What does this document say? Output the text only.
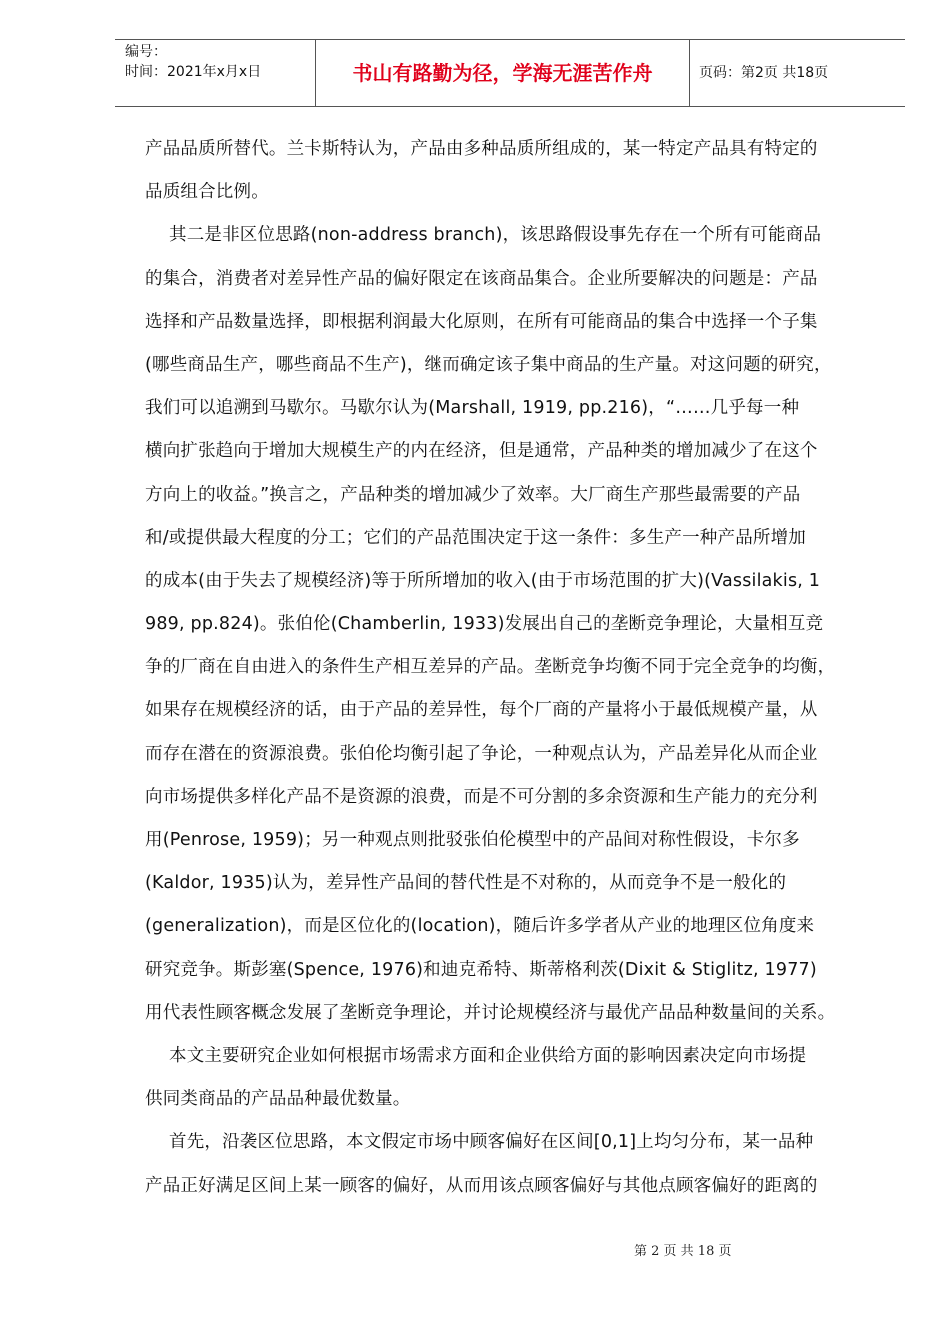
编号：
时间：2021年x月x日	书山有路勤为径，学海无涯苦作舟	页码：第2页 共18页
产品品质所替代。兰卡斯特认为，产品由多种品质所组成的，某一特定产品具有特定的
品质组合比例。
其二是非区位思路(non-address branch)，该思路假设事先存在一个所有可能商品
的集合，消费者对差异性产品的偏好限定在该商品集合。企业所要解决的问题是：产品
选择和产品数量选择，即根据利润最大化原则，在所有可能商品的集合中选择一个子集
(哪些商品生产，哪些商品不生产)，继而确定该子集中商品的生产量。对这问题的研究，
我们可以追溯到马歇尔。马歇尔认为(Marshall, 1919, pp.216)，“……几乎每一种
横向扩张趋向于增加大规模生产的内在经济，但是通常，产品种类的增加减少了在这个
方向上的收益。”换言之，产品种类的增加减少了效率。大厂商生产那些最需要的产品
和/或提供最大程度的分工；它们的产品范围决定于这一条件：多生产一种产品所增加
的成本(由于失去了规模经济)等于所所增加的收入(由于市场范围的扩大)(Vassilakis, 1
989, pp.824)。张伯伦(Chamberlin, 1933)发展出自己的垄断竞争理论，大量相互竞
争的厂商在自由进入的条件生产相互差异的产品。垄断竞争均衡不同于完全竞争的均衡，
如果存在规模经济的话，由于产品的差异性，每个厂商的产量将小于最低规模产量，从
而存在潜在的资源浪费。张伯伦均衡引起了争论，一种观点认为，产品差异化从而企业
向市场提供多样化产品不是资源的浪费，而是不可分割的多余资源和生产能力的充分利
用(Penrose, 1959)；另一种观点则批驳张伯伦模型中的产品间对称性假设，卡尔多
(Kaldor, 1935)认为，差异性产品间的替代性是不对称的，从而竞争不是一般化的
(generalization)，而是区位化的(location)，随后许多学者从产业的地理区位角度来
研究竞争。斯彭塞(Spence, 1976)和迪克希特、斯蒂格利茨(Dixit & Stiglitz, 1977)
用代表性顾客概念发展了垄断竞争理论，并讨论规模经济与最优产品品种数量间的关系。
本文主要研究企业如何根据市场需求方面和企业供给方面的影响因素决定向市场提
供同类商品的产品品种最优数量。
首先，沿袭区位思路，本文假定市场中顾客偏好在区间[0,1]上均匀分布，某一品种
产品正好满足区间上某一顾客的偏好，从而用该点顾客偏好与其他点顾客偏好的距离的
第 2 页 共 18 页
